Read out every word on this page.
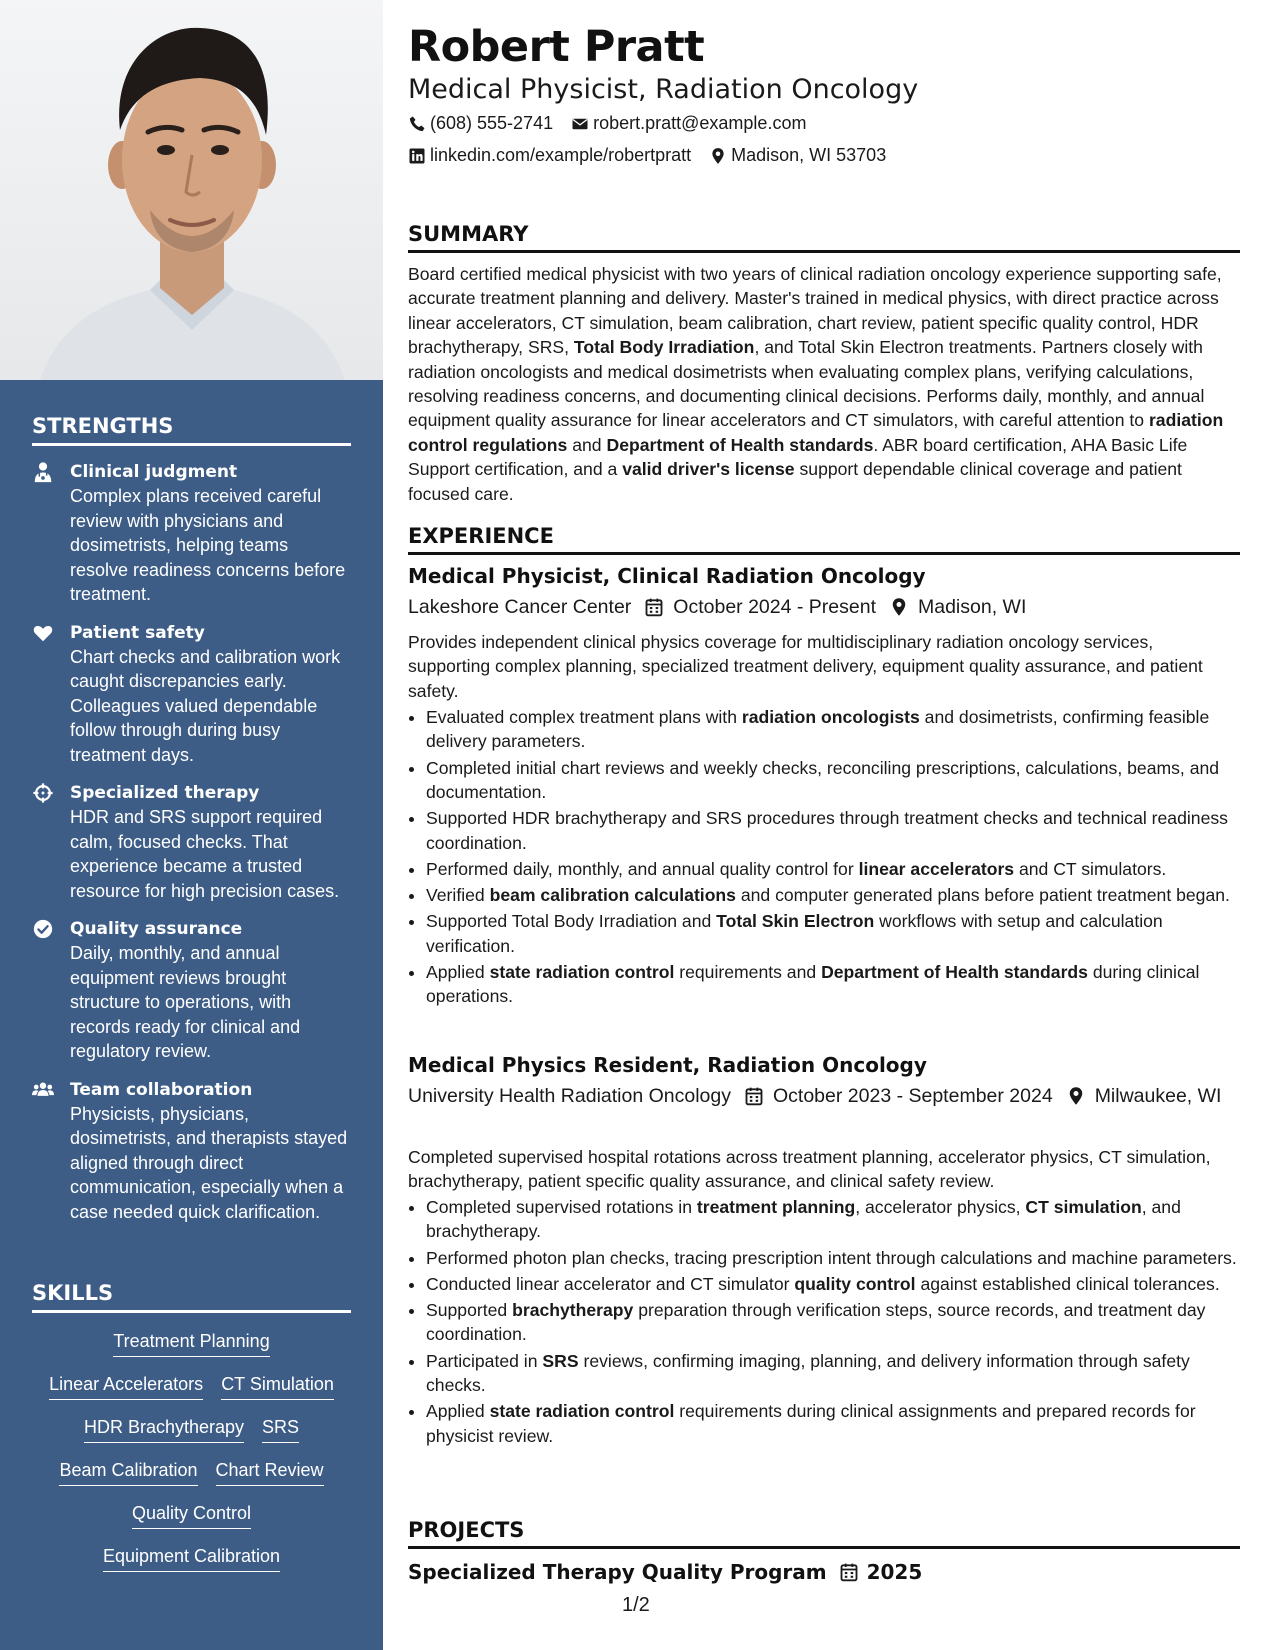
STRENGTHS
Clinical judgment
Complex plans received careful review with physicians and dosimetrists, helping teams resolve readiness concerns before treatment.
Patient safety
Chart checks and calibration work caught discrepancies early. Colleagues valued dependable follow through during busy treatment days.
Specialized therapy
HDR and SRS support required calm, focused checks. That experience became a trusted resource for high precision cases.
Quality assurance
Daily, monthly, and annual equipment reviews brought structure to operations, with records ready for clinical and regulatory review.
Team collaboration
Physicists, physicians, dosimetrists, and therapists stayed aligned through direct communication, especially when a case needed quick clarification.
SKILLS
Treatment Planning
Linear Accelerators CT Simulation
HDR Brachytherapy SRS
Beam Calibration Chart Review
Quality Control
Equipment Calibration
Robert Pratt
Medical Physicist, Radiation Oncology
(608) 555-2741 robert.pratt@example.com
linkedin.com/example/robertpratt Madison, WI 53703
SUMMARY

Board certified medical physicist with two years of clinical radiation oncology experience supporting safe, accurate treatment planning and delivery. Master's trained in medical physics, with direct practice across linear accelerators, CT simulation, beam calibration, chart review, patient specific quality control, HDR brachytherapy, SRS, Total Body Irradiation, and Total Skin Electron treatments. Partners closely with radiation oncologists and medical dosimetrists when evaluating complex plans, verifying calculations, resolving readiness concerns, and documenting clinical decisions. Performs daily, monthly, and annual equipment quality assurance for linear accelerators and CT simulators, with careful attention to radiation control regulations and Department of Health standards. ABR board certification, AHA Basic Life Support certification, and a valid driver's license support dependable clinical coverage and patient focused care.

EXPERIENCE
Medical Physicist, Clinical Radiation Oncology
Lakeshore Cancer Center October 2024 - Present Madison, WI

Provides independent clinical physics coverage for multidisciplinary radiation oncology services, supporting complex planning, specialized treatment delivery, equipment quality assurance, and patient safety.

• Evaluated complex treatment plans with radiation oncologists and dosimetrists, confirming feasible delivery parameters.
• Completed initial chart reviews and weekly checks, reconciling prescriptions, calculations, beams, and documentation.
• Supported HDR brachytherapy and SRS procedures through treatment checks and technical readiness coordination.
• Performed daily, monthly, and annual quality control for linear accelerators and CT simulators.
• Verified beam calibration calculations and computer generated plans before patient treatment began.
• Supported Total Body Irradiation and Total Skin Electron workflows with setup and calculation verification.
• Applied state radiation control requirements and Department of Health standards during clinical operations.
Medical Physics Resident, Radiation Oncology
University Health Radiation Oncology October 2023 - September 2024 Milwaukee, WI

Completed supervised hospital rotations across treatment planning, accelerator physics, CT simulation, brachytherapy, patient specific quality assurance, and clinical safety review.

• Completed supervised rotations in treatment planning, accelerator physics, CT simulation, and brachytherapy.
• Performed photon plan checks, tracing prescription intent through calculations and machine parameters.
• Conducted linear accelerator and CT simulator quality control against established clinical tolerances.
• Supported brachytherapy preparation through verification steps, source records, and treatment day coordination.
• Participated in SRS reviews, confirming imaging, planning, and delivery information through safety checks.
• Applied state radiation control requirements during clinical assignments and prepared records for physicist review.
PROJECTS
Specialized Therapy Quality Program 2025
1/2
